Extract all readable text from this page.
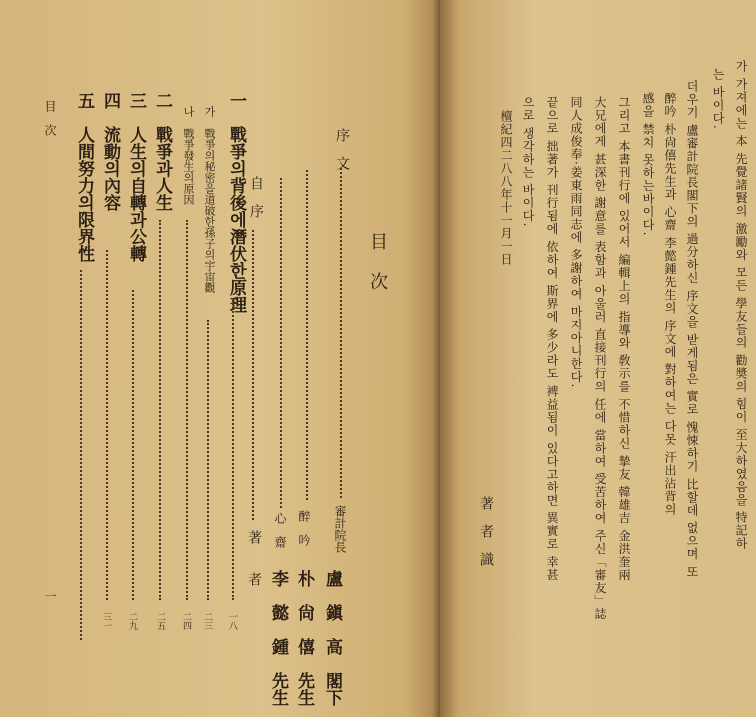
目　次
一
目　次
序　文
審計院長
盧　鎭　高　閣下
醉　吟
朴　尙　僖　先生
心　齋
李　懿　鍾　先生
自　序
著　　者
一　戰爭의背後에潛伏한原理
一八
가　戰爭의秘密을道破한孫子의宇宙觀
二三
나　戰爭發生의原因
二四
二　戰爭과人生
二五
三　人生의自轉과公轉
二九
四　流動의內容
三一
五　人間努力의限界性	가 가져에는 本 先覺諸賢의 激勵와 모든 學友들의 勸奬의 힘이 至大하였음을 特記하
는 바이다.
더우기 盧審計院長閣下의 過分하신 序文을 받게됨은 實로 愧悚하기 比할데 없으며 또
醉吟 朴尙僖先生과 心齋 李懿鍾先生의 序文에 對하여는 다못 汗出沾背의
感을 禁치 못하는바이다.
그리고 本書刊行에 있어서 編輯上의 指導와 敎示를 不惜하신 摯友 韓雄吉 金洪奎兩
大兄에게 甚深한 謝意를 表함과 아울러 直接刊行의 任에 當하여 受苦하여 주신「審友」誌
同人成俊奉·姜東雨同志에 多謝하여 마지아니한다.
끝으로 拙著가 刊行됨에 依하여 斯界에 多少라도 裨益됨이 있다고하면 異實로 幸甚
으로 생각하는 바이다.
檀紀四二八八年十一月一日
著　者　識
